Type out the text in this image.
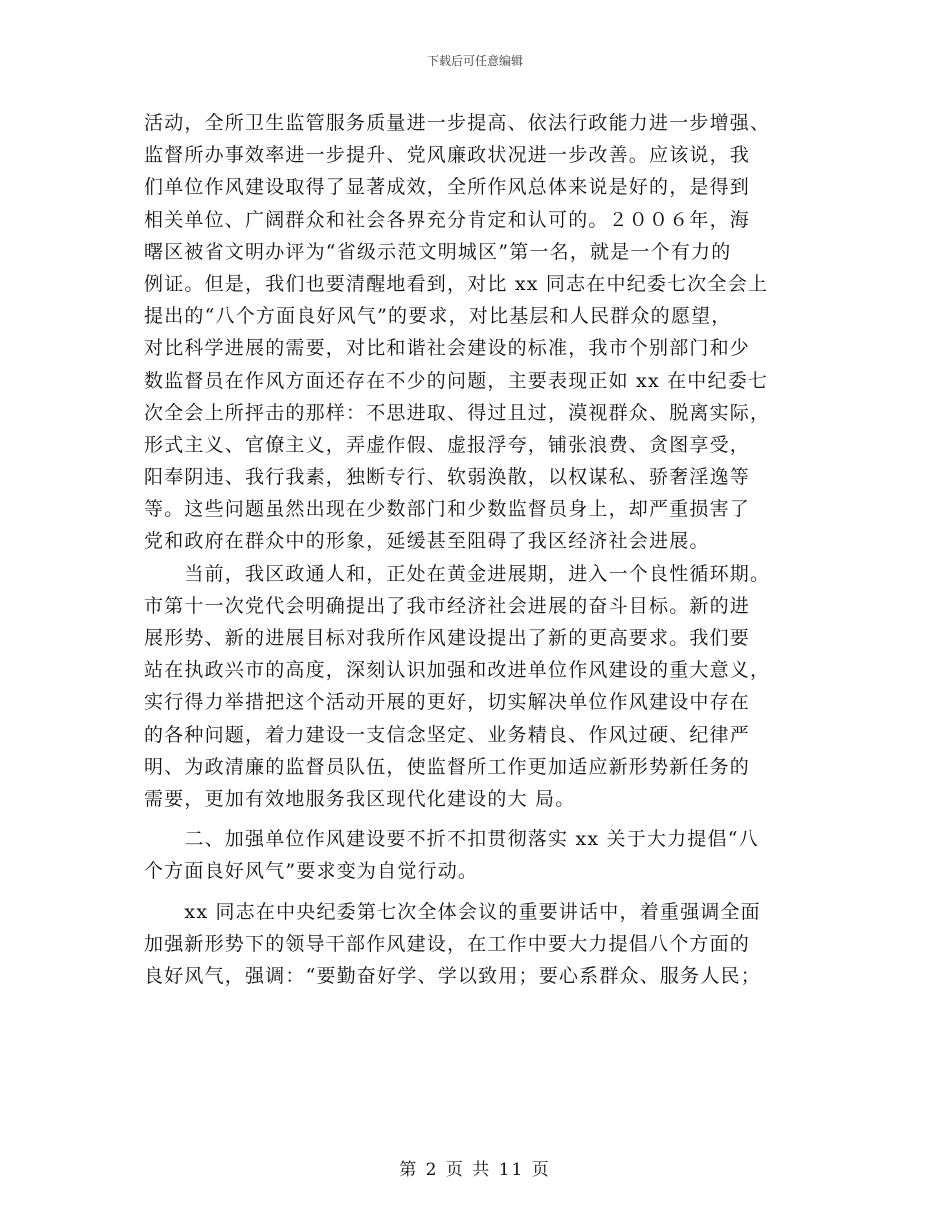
下载后可任意编辑
活动，全所卫生监管服务质量进一步提高、依法行政能力进一步增强、
监督所办事效率进一步提升、党风廉政状况进一步改善。应该说，我
们单位作风建设取得了显著成效，全所作风总体来说是好的，是得到
相关单位、广阔群众和社会各界充分肯定和认可的。２００６年，海
曙区被省文明办评为“省级示范文明城区”第一名，就是一个有力的
例证。但是，我们也要清醒地看到，对比 xx 同志在中纪委七次全会上
提出的“八个方面良好风气”的要求，对比基层和人民群众的愿望，
对比科学进展的需要，对比和谐社会建设的标准，我市个别部门和少
数监督员在作风方面还存在不少的问题，主要表现正如 xx 在中纪委七
次全会上所抨击的那样：不思进取、得过且过，漠视群众、脱离实际，
形式主义、官僚主义，弄虚作假、虚报浮夸，铺张浪费、贪图享受，
阳奉阴违、我行我素，独断专行、软弱涣散，以权谋私、骄奢淫逸等
等。这些问题虽然出现在少数部门和少数监督员身上，却严重损害了
党和政府在群众中的形象，延缓甚至阻碍了我区经济社会进展。
　　当前，我区政通人和，正处在黄金进展期，进入一个良性循环期。
市第十一次党代会明确提出了我市经济社会进展的奋斗目标。新的进
展形势、新的进展目标对我所作风建设提出了新的更高要求。我们要
站在执政兴市的高度，深刻认识加强和改进单位作风建设的重大意义，
实行得力举措把这个活动开展的更好，切实解决单位作风建设中存在
的各种问题，着力建设一支信念坚定、业务精良、作风过硬、纪律严
明、为政清廉的监督员队伍，使监督所工作更加适应新形势新任务的
需要，更加有效地服务我区现代化建设的大 局。
　　二、加强单位作风建设要不折不扣贯彻落实 xx 关于大力提倡“八
个方面良好风气”要求变为自觉行动。
　　xx 同志在中央纪委第七次全体会议的重要讲话中，着重强调全面
加强新形势下的领导干部作风建设，在工作中要大力提倡八个方面的
良好风气，强调：“要勤奋好学、学以致用；要心系群众、服务人民；
第 2 页 共 11 页
